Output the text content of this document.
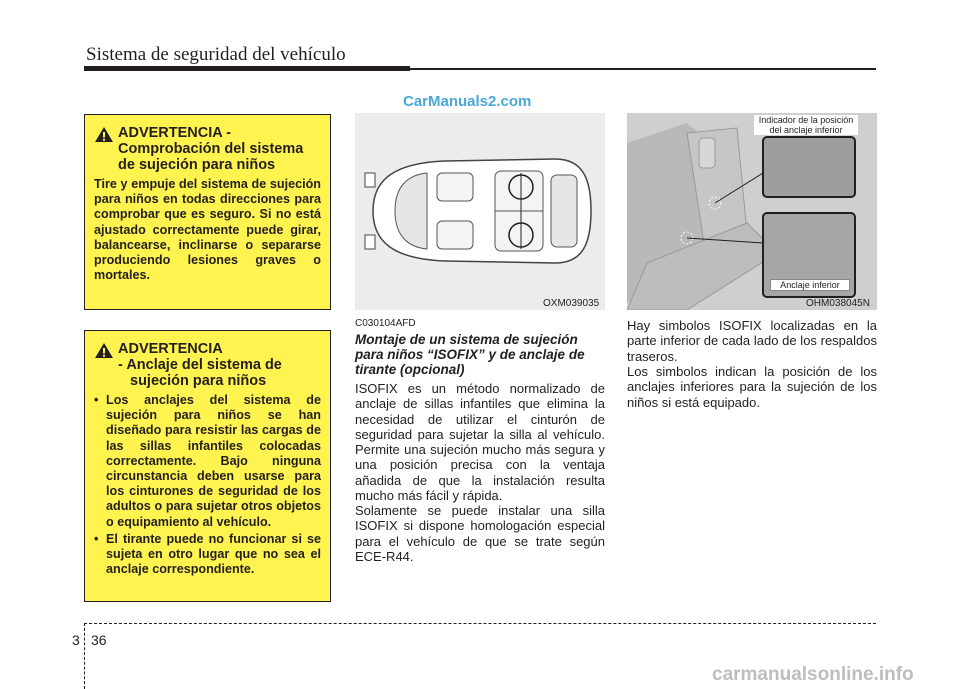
Sistema de seguridad del vehículo
CarManuals2.com
ADVERTENCIA -
Comprobación del sistema
de sujeción para niños
Tire y empuje del sistema de sujeción para niños en todas direcciones para comprobar que es seguro. Si no está ajustado correctamente puede girar, balancearse, inclinarse o separarse produciendo lesiones graves o mortales.
ADVERTENCIA
- Anclaje del sistema de
sujeción para niños
• Los anclajes del sistema de sujeción para niños se han diseñado para resistir las cargas de las sillas infantiles colocadas correctamente. Bajo ninguna circunstancia deben usarse para los cinturones de seguridad de los adultos o para sujetar otros objetos o equipamiento al vehículo.
• El tirante puede no funcionar si se sujeta en otro lugar que no sea el anclaje correspondiente.
OXM039035
Indicador de la posición del anclaje inferior
Anclaje inferior
OHM038045N
C030104AFD
Montaje de un sistema de sujeción para niños “ISOFIX” y de anclaje de tirante (opcional)
ISOFIX es un método normalizado de anclaje de sillas infantiles que elimina la necesidad de utilizar el cinturón de seguridad para sujetar la silla al vehículo. Permite una sujeción mucho más segura y una posición precisa con la ventaja añadida de que la instalación resulta mucho más fácil y rápida.
Solamente se puede instalar una silla ISOFIX si dispone homologación especial para el vehículo de que se trate según ECE-R44.
Hay simbolos ISOFIX localizadas en la parte inferior de cada lado de los respaldos traseros.
Los simbolos indican la posición de los anclajes inferiores para la sujeción de los niños si está equipado.
3 36
carmanualsonline.info
